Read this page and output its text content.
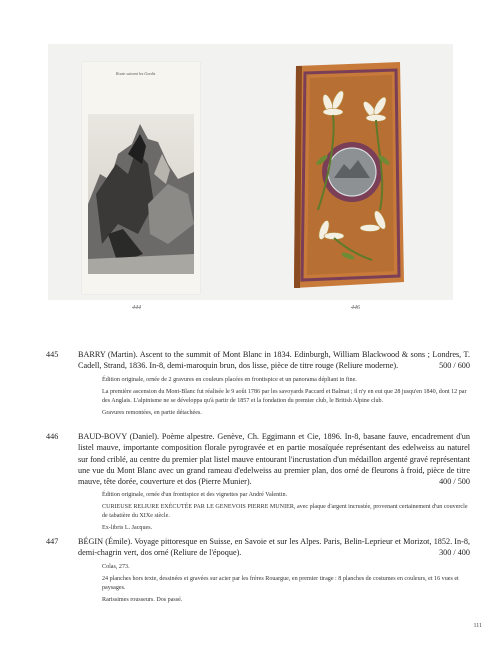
Route suivant les Gordis
444	446
445 BARRY (Martin). Ascent to the summit of Mont Blanc in 1834. Edinburgh, William Blackwood & sons ; Londres, T. Cadell, Strand, 1836. In-8, demi-maroquin brun, dos lisse, pièce de titre rouge (Reliure moderne).	500 / 600

Édition originale, ornée de 2 gravures en couleurs placées en frontispice et un panorama dépliant in fine.

La première ascension du Mont-Blanc fut réalisée le 9 août 1786 par les savoyards Paccard et Balmat ; il n'y en eut que 28 jusqu'en 1840, dont 12 par des Anglais. L'alpinisme ne se développa qu'à partir de 1857 et la fondation du premier club, le British Alpine club.

Gravures remontées, en partie détachées.

446 BAUD-BOVY (Daniel). Poème alpestre. Genève, Ch. Eggimann et Cie, 1896. In-8, basane fauve, encadrement d'un listel mauve, importante composition florale pyrogravée et en partie mosaïquée représentant des edelweiss au naturel sur fond criblé, au centre du premier plat listel mauve entourant l'incrustation d'un médaillon argenté gravé représentant une vue du Mont Blanc avec un grand rameau d'edelweiss au premier plan, dos orné de fleurons à froid, pièce de titre mauve, tête dorée, couverture et dos (Pierre Munier).	400 / 500

Édition originale, ornée d'un frontispice et des vignettes par André Valentin.

CURIEUSE RELIURE EXÉCUTÉE PAR LE GENEVOIS PIERRE MUNIER, avec plaque d'argent incrustée, provenant certainement d'un couvercle de tabatière du XIXe siècle.

Ex-libris L. Jacques.

447 BÉGIN (Émile). Voyage pittoresque en Suisse, en Savoie et sur les Alpes. Paris, Belin-Leprieur et Morizot, 1852. In-8, demi-chagrin vert, dos orné (Reliure de l'époque).	300 / 400

Colas, 273.

24 planches hors texte, dessinées et gravées sur acier par les frères Rouargue, en premier tirage : 8 planches de costumes en couleurs, et 16 vues et paysages.

Rarissimes rousseurs. Dos passé.

111
